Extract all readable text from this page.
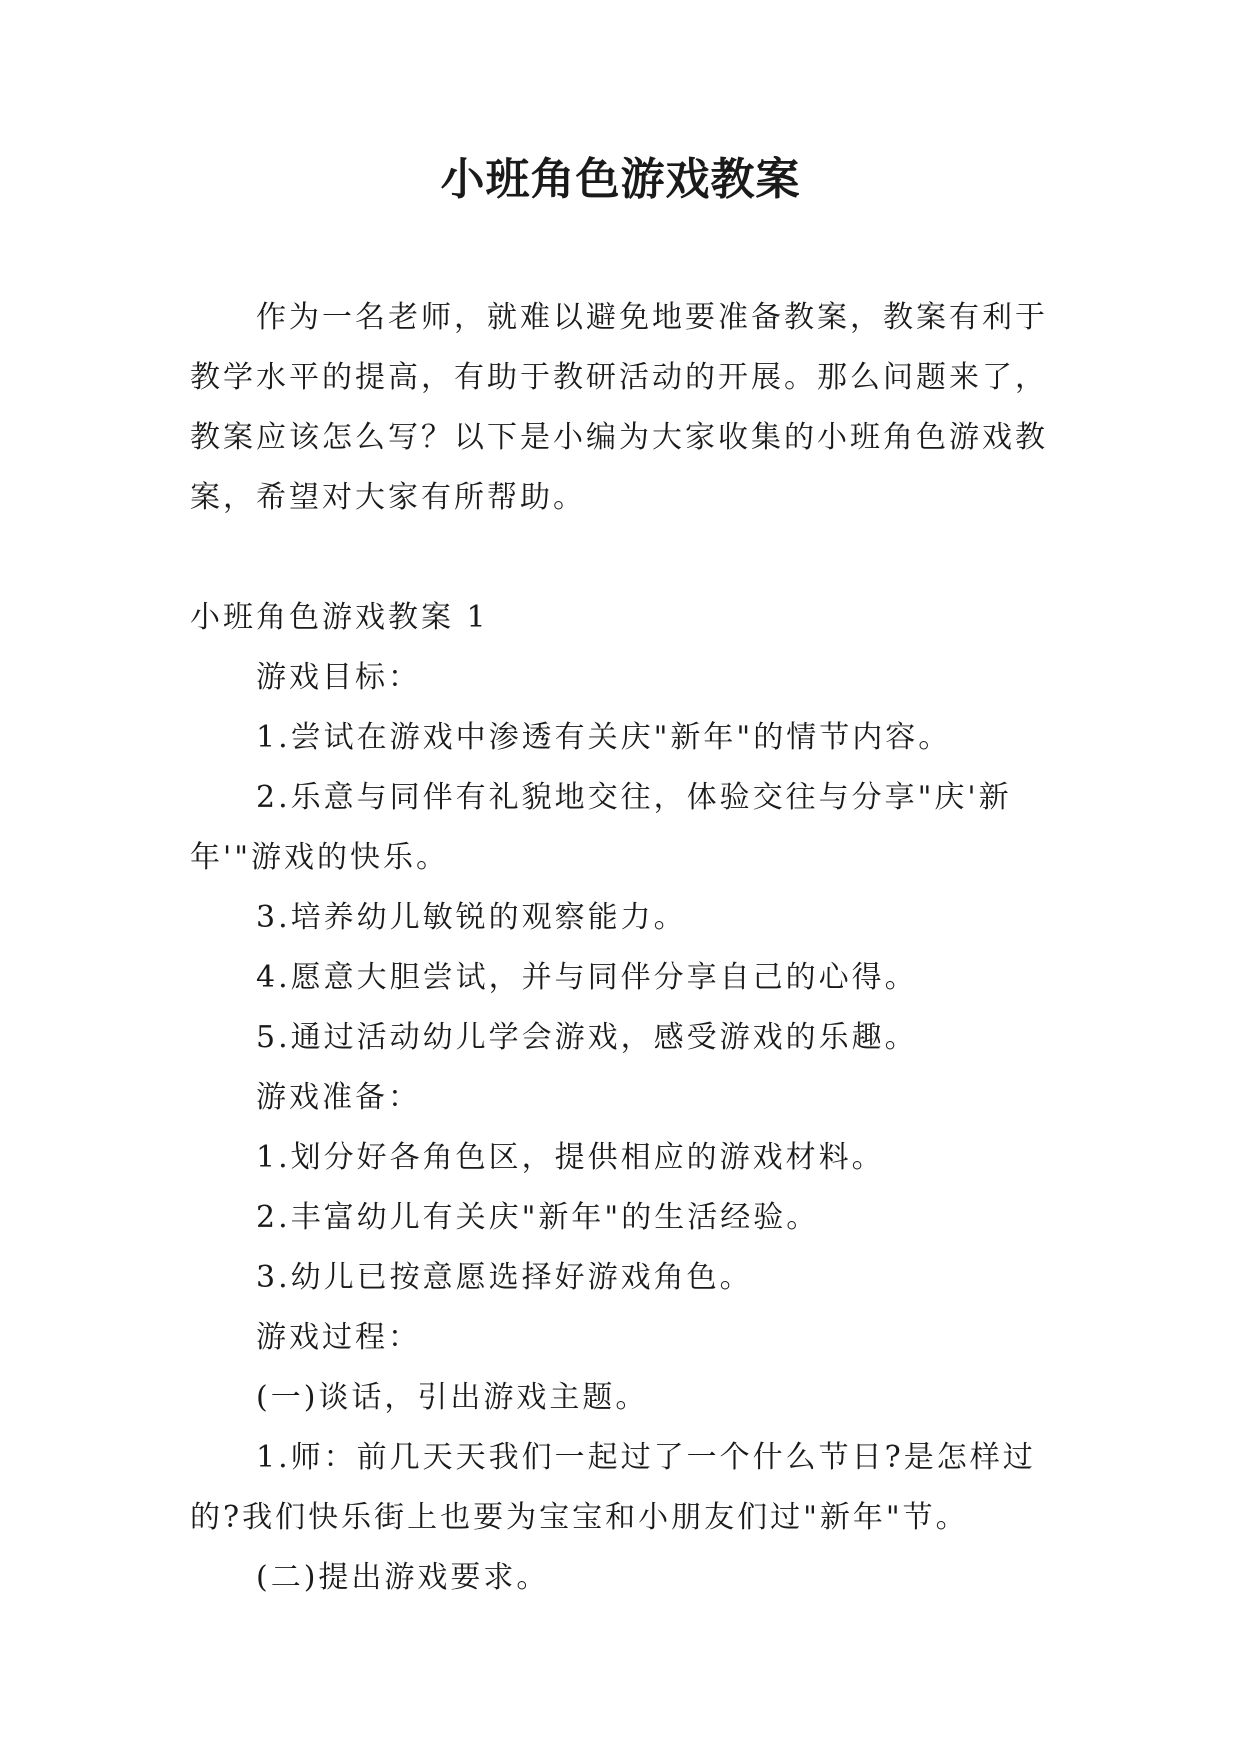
小班角色游戏教案

作为一名老师，就难以避免地要准备教案，教案有利于教学水平的提高，有助于教研活动的开展。那么问题来了，教案应该怎么写？以下是小编为大家收集的小班角色游戏教案，希望对大家有所帮助。

小班角色游戏教案 1

游戏目标：

1.尝试在游戏中渗透有关庆"新年"的情节内容。

2.乐意与同伴有礼貌地交往，体验交往与分享"庆'新年'"游戏的快乐。

3.培养幼儿敏锐的观察能力。

4.愿意大胆尝试，并与同伴分享自己的心得。

5.通过活动幼儿学会游戏，感受游戏的乐趣。

游戏准备：

1.划分好各角色区，提供相应的游戏材料。

2.丰富幼儿有关庆"新年"的生活经验。

3.幼儿已按意愿选择好游戏角色。

游戏过程：

(一)谈话，引出游戏主题。

1.师：前几天天我们一起过了一个什么节日?是怎样过的?我们快乐街上也要为宝宝和小朋友们过"新年"节。

(二)提出游戏要求。
